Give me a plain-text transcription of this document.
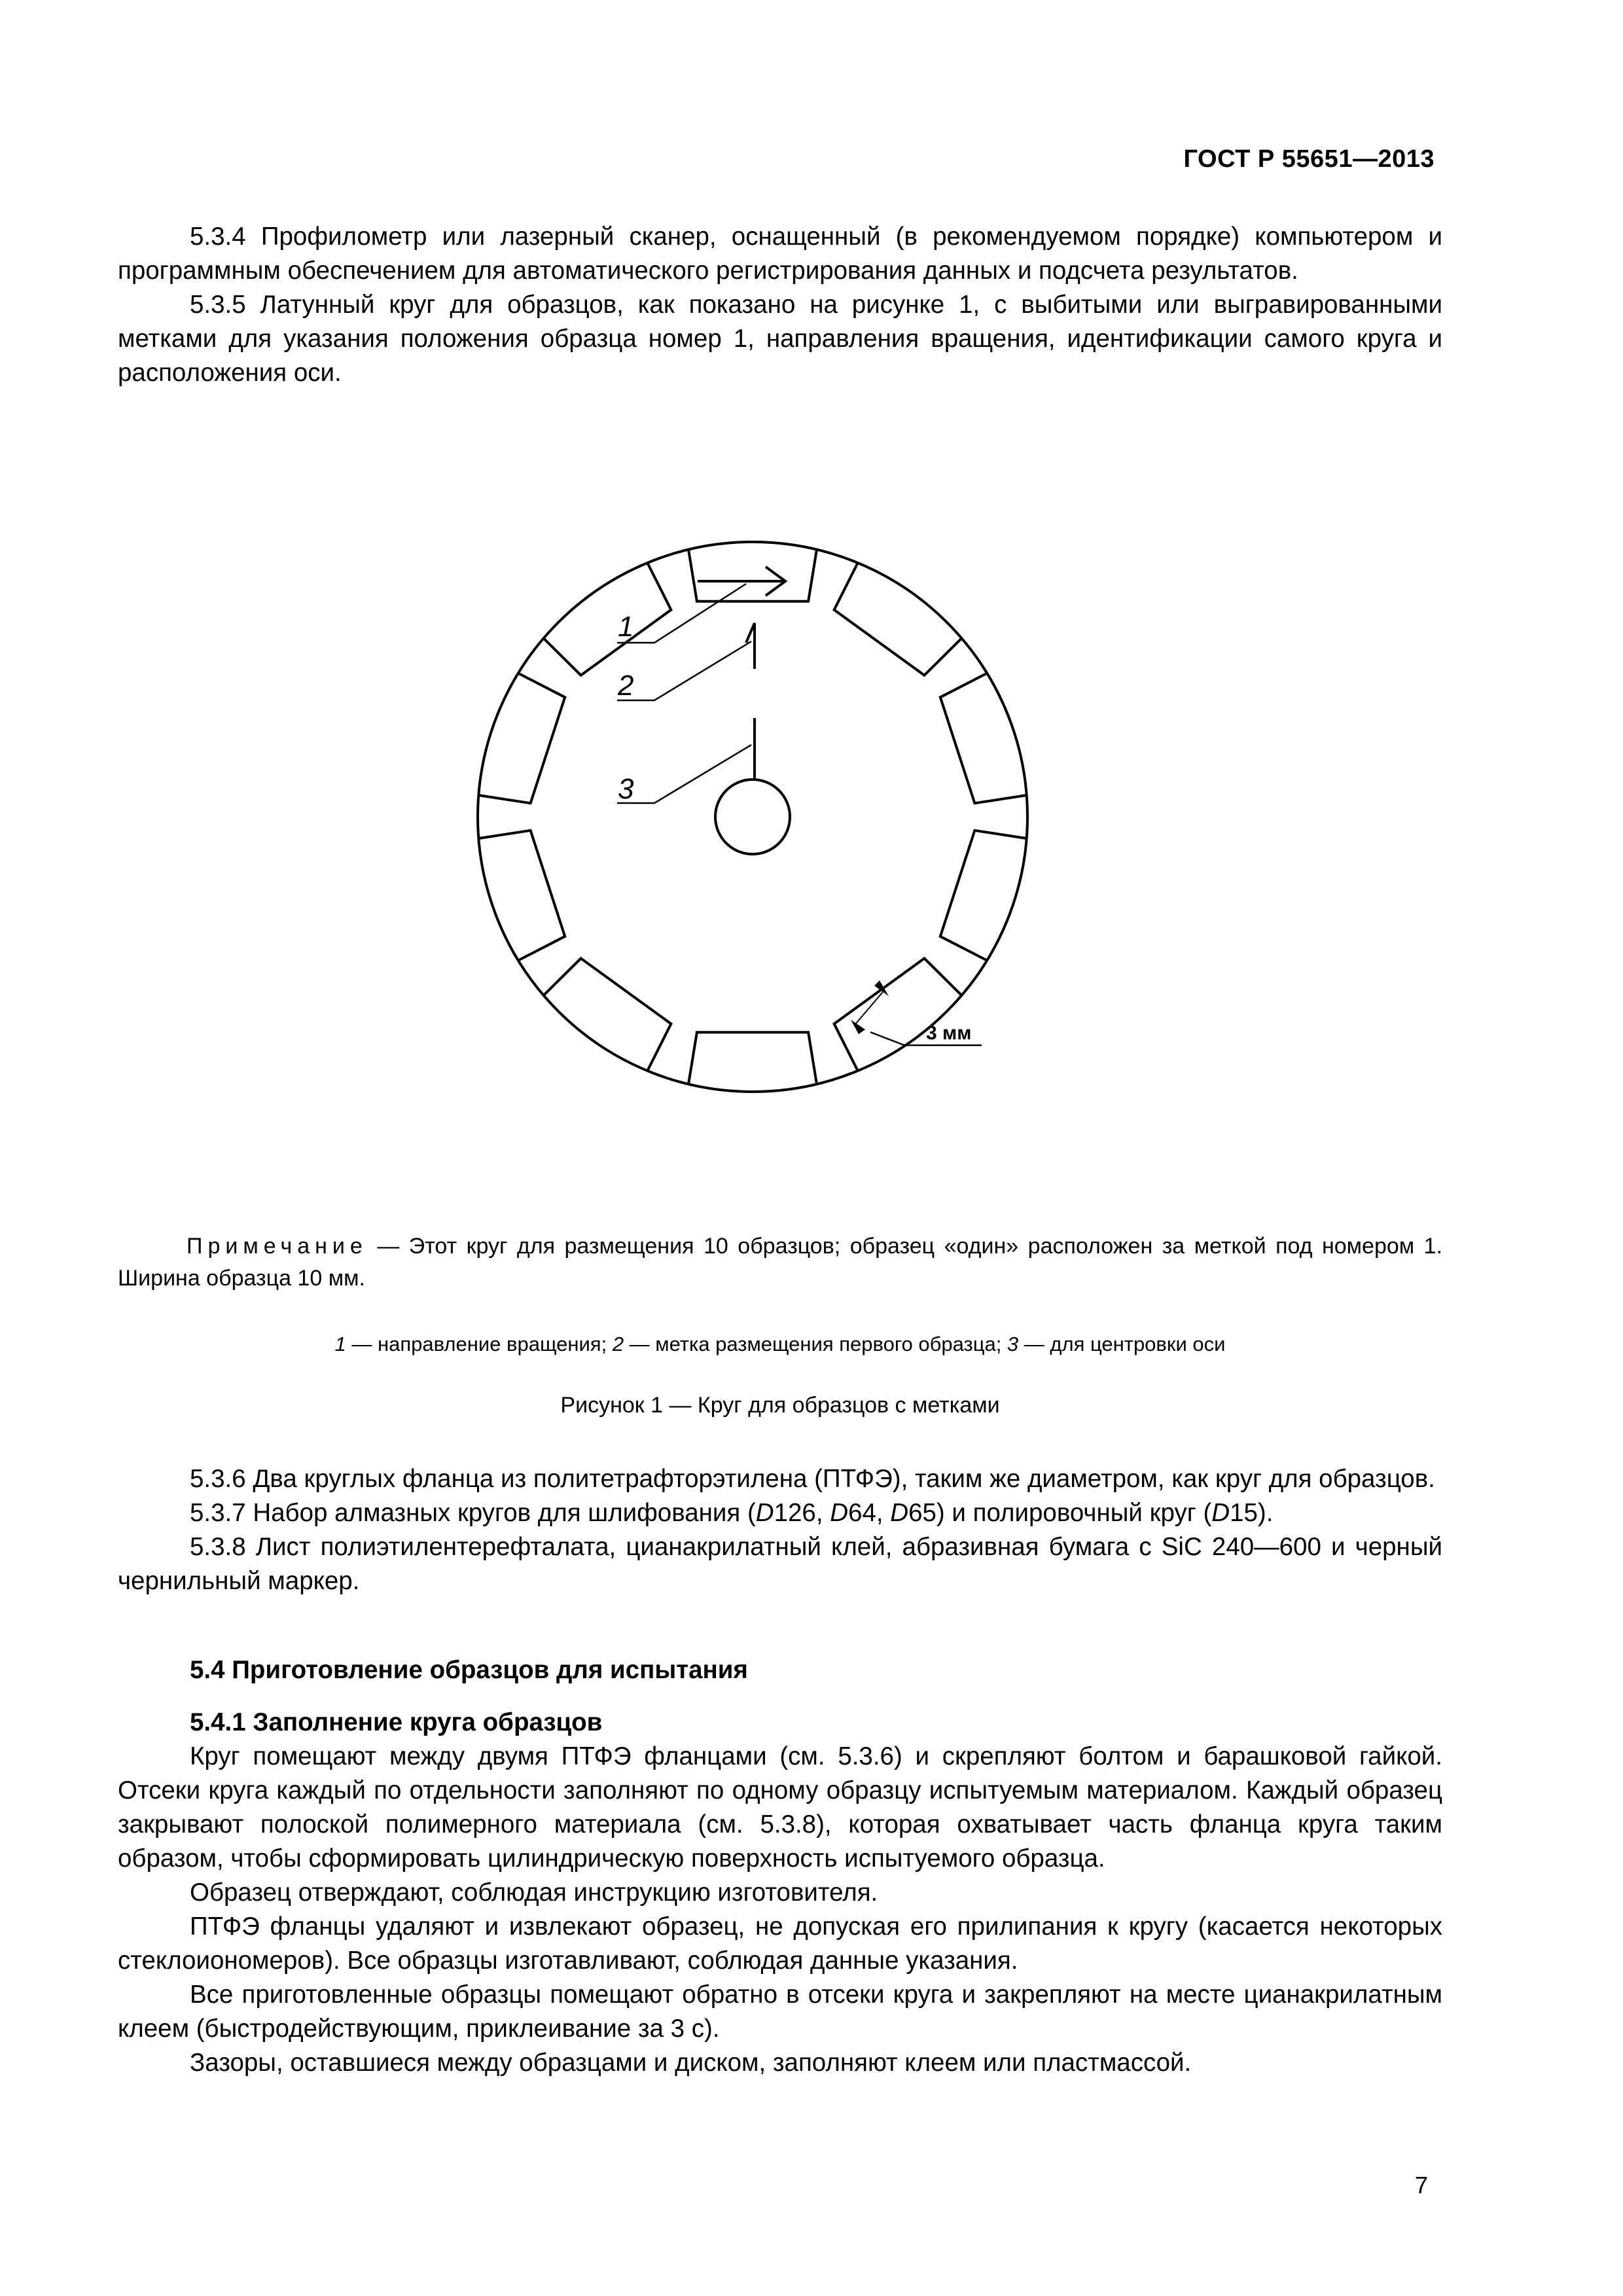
ГОСТ Р 55651—2013

5.3.4 Профилометр или лазерный сканер, оснащенный (в рекомендуемом порядке) компьютером и программным обеспечением для автоматического регистрирования данных и подсчета результатов.

5.3.5 Латунный круг для образцов, как показано на рисунке 1, с выбитыми или выгравированными метками для указания положения образца номер 1, направления вращения, идентификации самого круга и расположения оси.

1
2
3
3 мм
Примечание — Этот круг для размещения 10 образцов; образец «один» расположен за меткой под номером 1. Ширина образца 10 мм.
1 — направление вращения; 2 — метка размещения первого образца; 3 — для центровки оси
Рисунок 1 — Круг для образцов с метками

5.3.6 Два круглых фланца из политетрафторэтилена (ПТФЭ), таким же диаметром, как круг для образцов.

5.3.7 Набор алмазных кругов для шлифования (D126, D64, D65) и полировочный круг (D15).

5.3.8 Лист полиэтилентерефталата, цианакрилатный клей, абразивная бумага с SiC 240—600 и черный чернильный маркер.

5.4 Приготовление образцов для испытания
5.4.1 Заполнение круга образцов

Круг помещают между двумя ПТФЭ фланцами (см. 5.3.6) и скрепляют болтом и барашковой гайкой. Отсеки круга каждый по отдельности заполняют по одному образцу испытуемым материалом. Каждый образец закрывают полоской полимерного материала (см. 5.3.8), которая охватывает часть фланца круга таким образом, чтобы сформировать цилиндрическую поверхность испытуемого образца.

Образец отверждают, соблюдая инструкцию изготовителя.

ПТФЭ фланцы удаляют и извлекают образец, не допуская его прилипания к кругу (касается некоторых стеклоиономеров). Все образцы изготавливают, соблюдая данные указания.

Все приготовленные образцы помещают обратно в отсеки круга и закрепляют на месте цианакрилатным клеем (быстродействующим, приклеивание за 3 с).

Зазоры, оставшиеся между образцами и диском, заполняют клеем или пластмассой.

7
